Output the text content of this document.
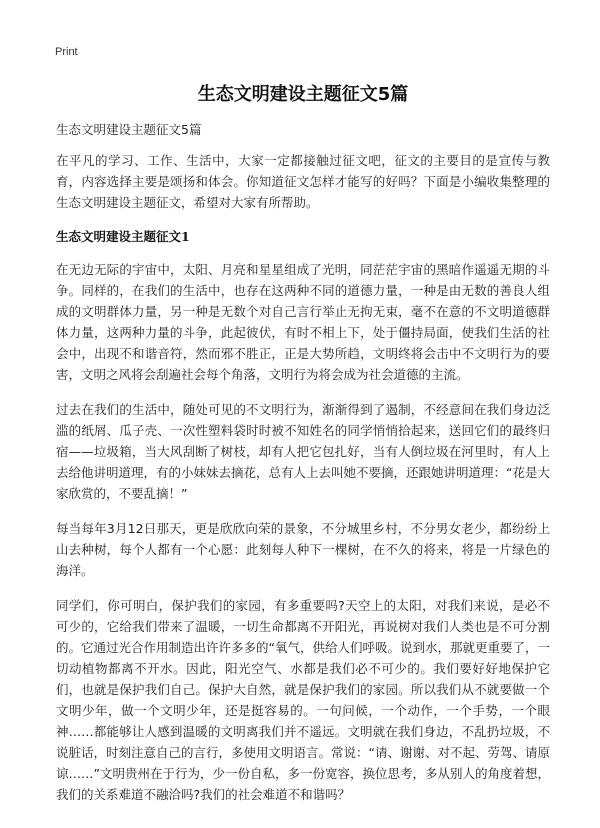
Print
生态文明建设主题征文5篇
生态文明建设主题征文5篇

在平凡的学习、工作、生活中，大家一定都接触过征文吧，征文的主要目的是宣传与教育，内容选择主要是颂扬和体会。你知道征文怎样才能写的好吗？下面是小编收集整理的生态文明建设主题征文，希望对大家有所帮助。

生态文明建设主题征文1

在无边无际的宇宙中，太阳、月亮和星星组成了光明，同茫茫宇宙的黑暗作遥遥无期的斗争。同样的，在我们的生活中，也存在这两种不同的道德力量，一种是由无数的善良人组成的文明群体力量，另一种是无数个对自己言行举止无拘无束，毫不在意的不文明道德群体力量，这两种力量的斗争，此起彼伏，有时不相上下，处于僵持局面，使我们生活的社会中，出现不和谐音符，然而邪不胜正，正是大势所趋，文明终将会击中不文明行为的要害，文明之风将会刮遍社会每个角落，文明行为将会成为社会道德的主流。

过去在我们的生活中，随处可见的不文明行为，渐渐得到了遏制，不经意间在我们身边泛滥的纸屑、瓜子壳、一次性塑料袋时时被不知姓名的同学悄悄拾起来，送回它们的最终归宿——垃圾箱，当大风刮断了树枝，却有人把它包扎好，当有人倒垃圾在河里时，有人上去给他讲明道理，有的小妹妹去摘花，总有人上去叫她不要摘，还跟她讲明道理：“花是大家欣赏的，不要乱摘！”

每当每年3月12日那天，更是欣欣向荣的景象，不分城里乡村，不分男女老少，都纷纷上山去种树，每个人都有一个心愿：此刻每人种下一棵树，在不久的将来，将是一片绿色的海洋。

同学们，你可明白，保护我们的家园，有多重要吗?天空上的太阳，对我们来说，是必不可少的，它给我们带来了温暖，一切生命都离不开阳光，再说树对我们人类也是不可分割的。它通过光合作用制造出许许多多的“氧气，供给人们呼吸。说到水，那就更重要了，一切动植物都离不开水。因此，阳光空气、水都是我们必不可少的。我们要好好地保护它们，也就是保护我们自己。保护大自然，就是保护我们的家园。所以我们从不就要做一个文明少年，做一个文明少年，还是挺容易的。一句问候，一个动作，一个手势，一个眼神……都能够让人感到温暖的文明离我们并不遥远。文明就在我们身边，不乱扔垃圾，不说脏话，时刻注意自己的言行，多使用文明语言。常说：“请、谢谢、对不起、劳驾、请原谅……”文明贵州在于行为，少一份自私，多一份宽容，换位思考，多从别人的角度着想，我们的关系难道不融洽吗?我们的社会难道不和谐吗？
